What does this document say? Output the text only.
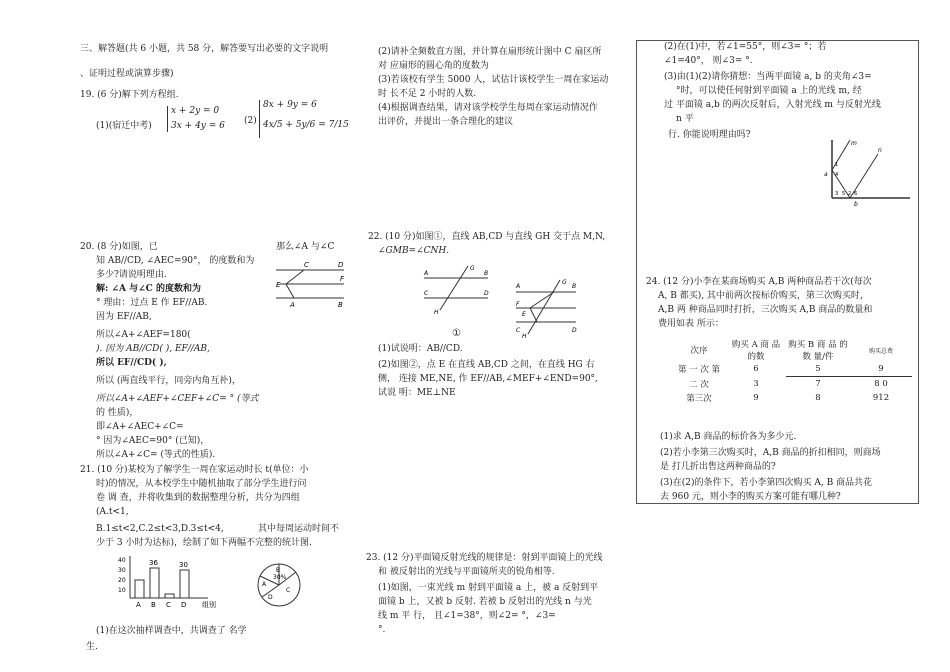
三、解答题(共 6 小题，共 58 分，解答要写出必要的文字说明
、证明过程或演算步骤)
19. (6 分)解下列方程组.
(1)(宿迁中考)
x + 2y = 0
3x + 4y = 6 (2)
8x + 9y = 6
4x/5 + 5y/6 = 7/15
20. (8 分)如图，已	那么∠A 与∠C
知 AB//CD, ∠AEC=90°， 的度数和为
多少?请说明理由.
解: ∠A 与∠C 的度数和为
° 理由：过点 E 作 EF//AB.
因为 EF//AB,
所以∠A+∠AEF=180(
). 因为 AB//CD( ), EF//AB,
所以 EF//CD( ),
所以 (两直线平行，同旁内角互补)，
所以∠A+∠AEF+∠CEF+∠C= ° (等式
的 性质)，
即∠A+∠AEC+∠C=
° 因为∠AEC=90° (已知)，
所以∠A+∠C= (等式的性质).
C	D
E
F
A	B
21. (10 分)某校为了解学生一周在家运动时长 t(单位：小
时)的情况，从本校学生中随机抽取了部分学生进行问
卷 调 查，并将收集到的数据整理分析，共分为四组
(A.t<1,
B.1≤t<2,C.2≤t<3,D.3≤t<4,	其中每周运动时间不
少于 3 小时为达标)，绘制了如下两幅不完整的统计图.
40
30
20
10
36	30
A B C D 组别
B
30%
A
D
C
(1)在这次抽样调查中，共调查了 名学
生.
(2)请补全频数直方图，并计算在扇形统计图中 C 扇区所
对 应扇形的圆心角的度数为
(3)若该校有学生 5000 人，试估计该校学生一周在家运动
时 长不足 2 小时的人数.
(4)根据调查结果，请对该学校学生每周在家运动情况作
出评价，并提出一条合理化的建议
22. (10 分)如图①，直线 AB,CD 与直线 GH 交于点 M,N,
∠GMB=∠CNH.
A	B
C	D
G
H
①
A	B
C	D
E
F
G
H
(1)试说明：AB//CD.
(2)如图②，点 E 在直线 AB,CD 之间，在直线 HG 右
侧， 连接 ME,NE, 作 EF//AB,∠MEF+∠END=90°,
试说 明：ME⊥NE
23. (12 分)平面镜反射光线的规律是：射到平面镜上的光线
和 被反射出的光线与平面镜所夹的锐角相等.
(1)如图，一束光线 m 射到平面镜 a 上，被 a 反射到平
面镜 b 上，又被 b 反射. 若被 b 反射出的光线 n 与光
线 m 平 行， 且∠1=38°，则∠2= °，∠3=
°.
(2)在(1)中，若∠1=55°，则∠3= °；若
∠1=40°， 则∠3= °.
(3)由(1)(2)请你猜想：当两平面镜 a, b 的夹角∠3=
°时，可以使任何射到平面镜 a 上的光线 m, 经
过 平面镜 a,b 的两次反射后，入射光线 m 与反射光线
n 平
行. 你能说明理由吗?
m
n
a
b
1
2
3
4
5 6
24. (12 分)小李在某商场购买 A,B 两种商品若干次(每次
A, B 都买), 其中前两次按标价购买，第三次购买时，
A,B 两 种商品同时打折，三次购买 A,B 商品的数量和
费用如表 所示：
次序	购买 A 商 品的数	购买 B 商 品 的 数 量/件	购买总费
第 一 次 第	6	5	9
二 次	3	7	8 0
第三次	9	8	912
(1)求 A,B 商品的标价各为多少元.
(2)若小李第三次购买时，A,B 商品的折扣相同，则商场
是 打几折出售这两种商品的?
(3)在(2)的条件下，若小李第四次购买 A, B 商品共花
去 960 元，则小李的购买方案可能有哪几种?
